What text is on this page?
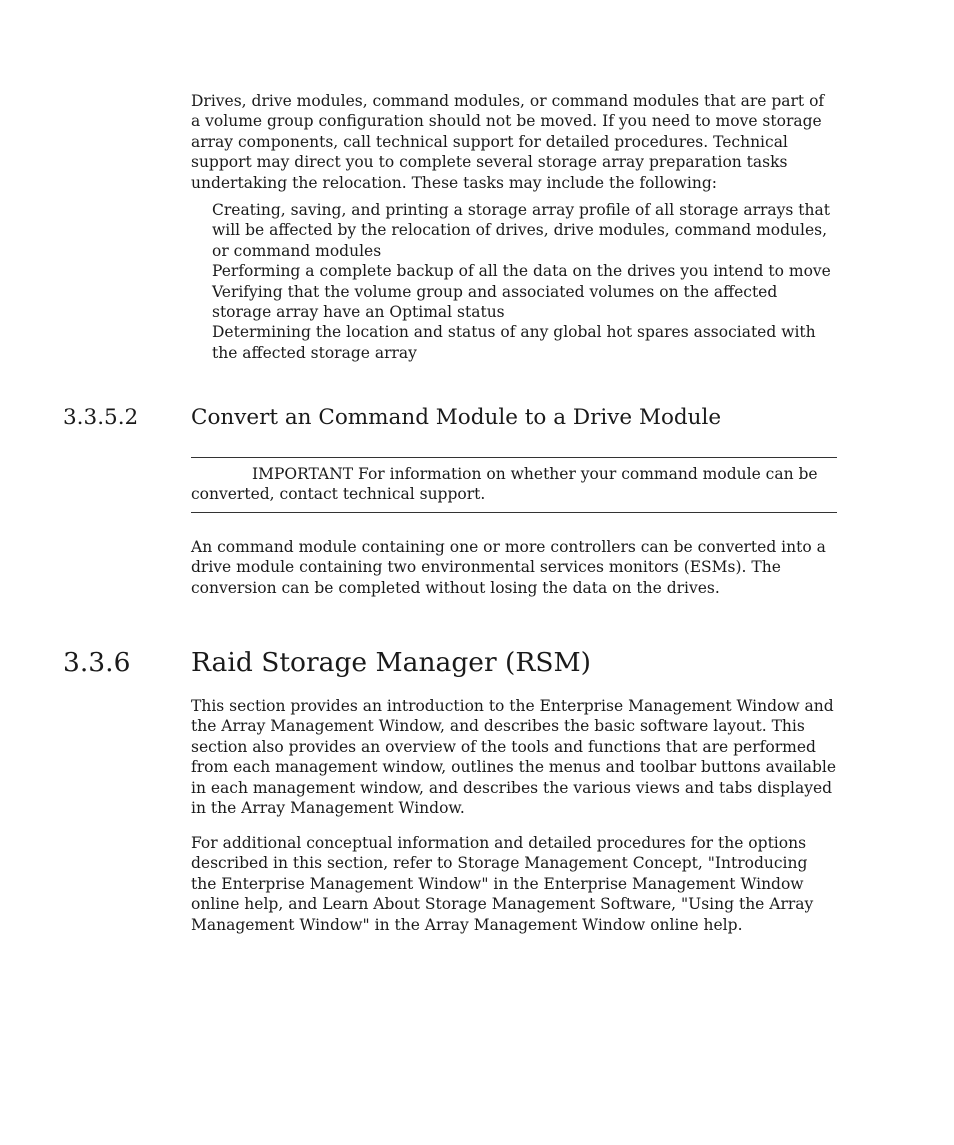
Drives, drive modules, command modules, or command modules that are part of a volume group configuration should not be moved. If you need to move storage array components, call technical support for detailed procedures. Technical support may direct you to complete several storage array preparation tasks undertaking the relocation. These tasks may include the following:

Creating, saving, and printing a storage array profile of all storage arrays that will be affected by the relocation of drives, drive modules, command modules, or command modules
Performing a complete backup of all the data on the drives you intend to move
Verifying that the volume group and associated volumes on the affected storage array have an Optimal status
Determining the location and status of any global hot spares associated with the affected storage array
3.3.5.2 Convert an Command Module to a Drive Module

IMPORTANT For information on whether your command module can be converted, contact technical support.

An command module containing one or more controllers can be converted into a drive module containing two environmental services monitors (ESMs). The conversion can be completed without losing the data on the drives.

3.3.6 Raid Storage Manager (RSM)

This section provides an introduction to the Enterprise Management Window and the Array Management Window, and describes the basic software layout. This section also provides an overview of the tools and functions that are performed from each management window, outlines the menus and toolbar buttons available in each management window, and describes the various views and tabs displayed in the Array Management Window.

For additional conceptual information and detailed procedures for the options described in this section, refer to Storage Management Concept, "Introducing the Enterprise Management Window" in the Enterprise Management Window online help, and Learn About Storage Management Software, "Using the Array Management Window" in the Array Management Window online help.
